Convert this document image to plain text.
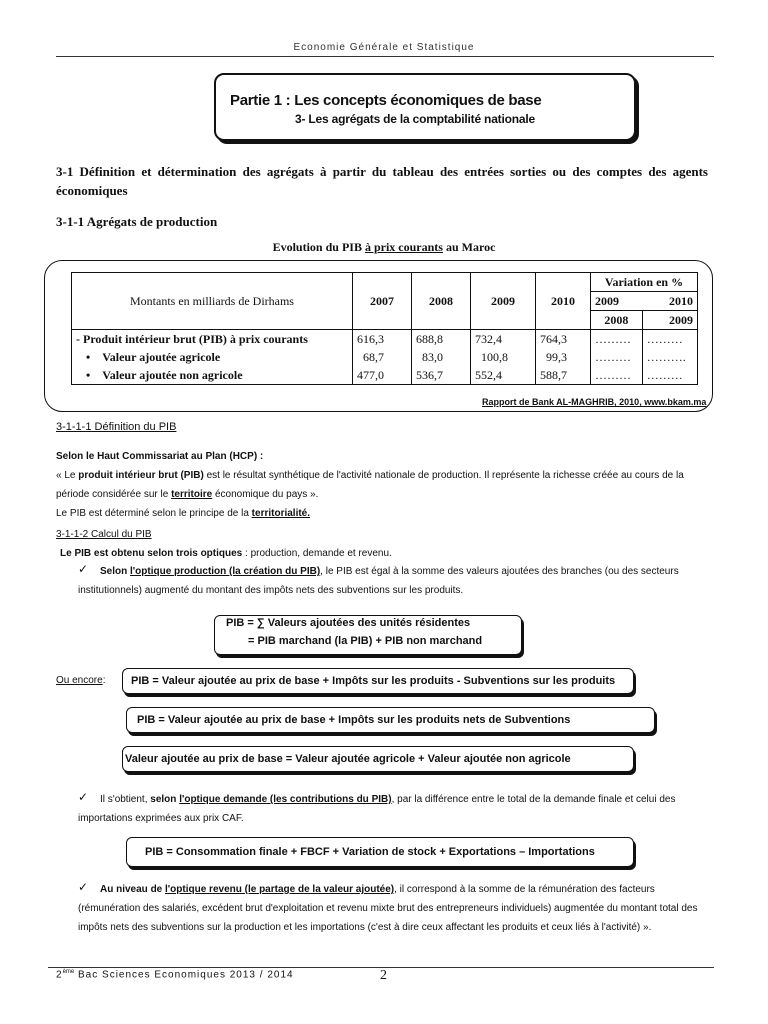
Economie Générale et Statistique
Partie 1 : Les concepts économiques de base
3- Les agrégats de la comptabilité nationale
3-1 Définition et détermination des agrégats à partir du tableau des entrées sorties ou des comptes des agents économiques
3-1-1 Agrégats de production
Evolution du PIB à prix courants au Maroc
Montants en milliards de Dirhams	2007	2008	2009	2010	Variation en %	
					2009	2010
					2008	2009
- Produit intérieur brut (PIB) à prix courants	616,3	688,8	732,4	764,3	………	………
• Valeur ajoutée agricole	68,7	83,0	100,8	99,3	………	……….
• Valeur ajoutée non agricole	477,0	536,7	552,4	588,7	………	………
Rapport de Bank AL-MAGHRIB, 2010, www.bkam.ma
3-1-1-1 Définition du PIB
Selon le Haut Commissariat au Plan (HCP) :
« Le produit intérieur brut (PIB) est le résultat synthétique de l'activité nationale de production. Il représente la richesse créée au cours de la période considérée sur le territoire économique du pays ».
Le PIB est déterminé selon le principe de la territorialité.
3-1-1-2 Calcul du PIB
Le PIB est obtenu selon trois optiques : production, demande et revenu.
✓	Selon l'optique production (la création du PIB), le PIB est égal à la somme des valeurs ajoutées des branches (ou des secteurs institutionnels) augmenté du montant des impôts nets des subventions sur les produits.
PIB = ∑ Valeurs ajoutées des unités résidentes
= PIB marchand (la PIB) + PIB non marchand
Ou encore:	PIB = Valeur ajoutée au prix de base + Impôts sur les produits - Subventions sur les produits
PIB = Valeur ajoutée au prix de base + Impôts sur les produits nets de Subventions
Valeur ajoutée au prix de base = Valeur ajoutée agricole + Valeur ajoutée non agricole
✓	Il s'obtient, selon l'optique demande (les contributions du PIB), par la différence entre le total de la demande finale et celui des importations exprimées aux prix CAF.
PIB = Consommation finale + FBCF + Variation de stock + Exportations – Importations
✓	Au niveau de l'optique revenu (le partage de la valeur ajoutée), il correspond à la somme de la rémunération des facteurs (rémunération des salariés, excédent brut d'exploitation et revenu mixte brut des entrepreneurs individuels) augmentée du montant total des impôts nets des subventions sur la production et les importations (c'est à dire ceux affectant les produits et ceux liés à l'activité) ».
2ème Bac Sciences Economiques 2013 / 2014	2
